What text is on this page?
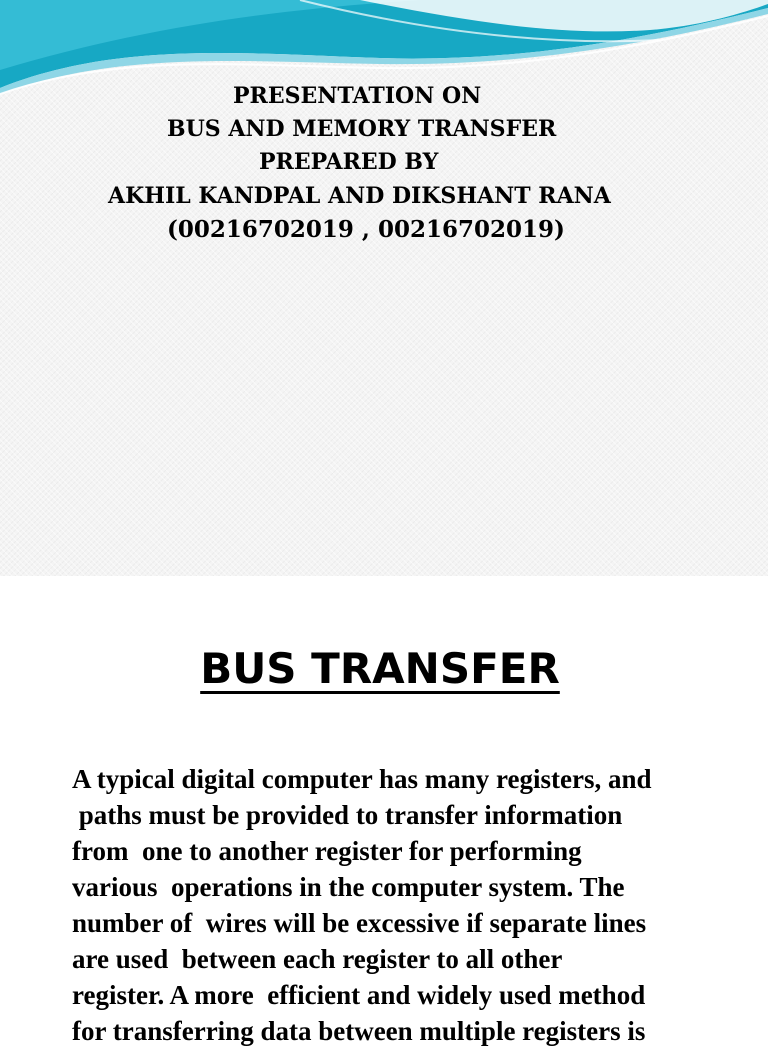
PRESENTATION ON

BUS AND MEMORY TRANSFER

PREPARED BY

AKHIL KANDPAL AND DIKSHANT RANA

(00216702019 , 00216702019)

BUS TRANSFER

A typical digital computer has many registers, and

paths must be provided to transfer information

from  one to another register for performing

various  operations in the computer system. The

number of  wires will be excessive if separate lines

are used  between each register to all other

register. A more  efficient and widely used method

for transferring data between multiple registers is
